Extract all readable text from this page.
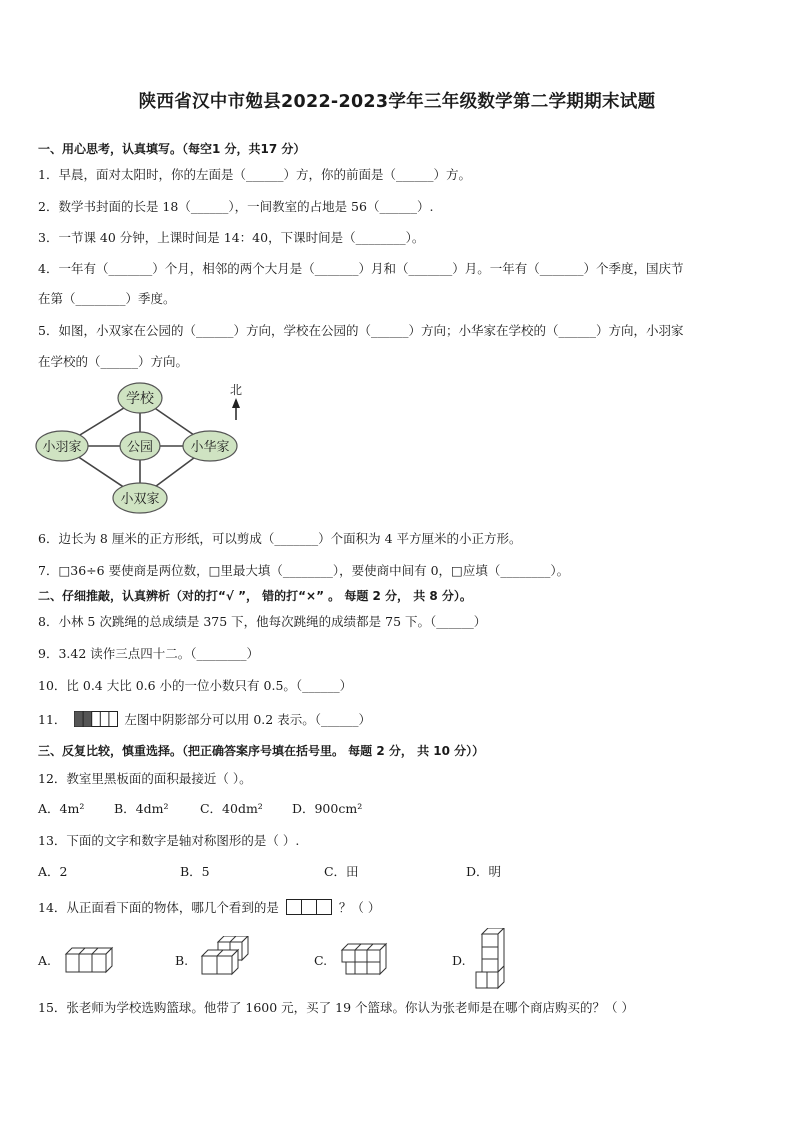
陕西省汉中市勉县2022-2023学年三年级数学第二学期期末试题
一、用心思考，认真填写。（每空1 分，共17 分）
1．早晨，面对太阳时，你的左面是（______）方，你的前面是（______）方。
2．数学书封面的长是 18（______），一间教室的占地是 56（______）.
3．一节课 40 分钟，上课时间是 14：40，下课时间是（________）。
4．一年有（_______）个月，相邻的两个大月是（_______）月和（_______）月。一年有（_______）个季度，国庆节
在第（________）季度。
5．如图，小双家在公园的（______）方向，学校在公园的（______）方向；小华家在学校的（______）方向，小羽家
在学校的（______）方向。
学校
小羽家	公园	小华家
小双家
北
6．边长为 8 厘米的正方形纸，可以剪成（_______）个面积为 4 平方厘米的小正方形。
7．□36÷6 要使商是两位数，□里最大填（________），要使商中间有 0，□应填（________）。
二、仔细推敲，认真辨析（对的打“√ ”， 错的打“×” 。 每题 2 分， 共 8 分）。
8．小林 5 次跳绳的总成绩是 375 下，他每次跳绳的成绩都是 75 下。（______）
9．3.42 读作三点四十二。（________）
10．比 0.4 大比 0.6 小的一位小数只有 0.5。（______）
11．	左图中阴影部分可以用 0.2 表示。（______）
三、反复比较，慎重选择。（把正确答案序号填在括号里。 每题 2 分， 共 10 分））
12．教室里黑板面的面积最接近（ ）。
A．4m² B．4dm²	C．40dm² D．900cm²
13．下面的文字和数字是轴对称图形的是（ ）.
A．2	B．5	C．田	D．明
14．从正面看下面的物体，哪几个看到的是	？（ ）
A.	B.	C.	D.
15．张老师为学校选购篮球。他带了 1600 元，买了 19 个篮球。你认为张老师是在哪个商店购买的？（ ）
